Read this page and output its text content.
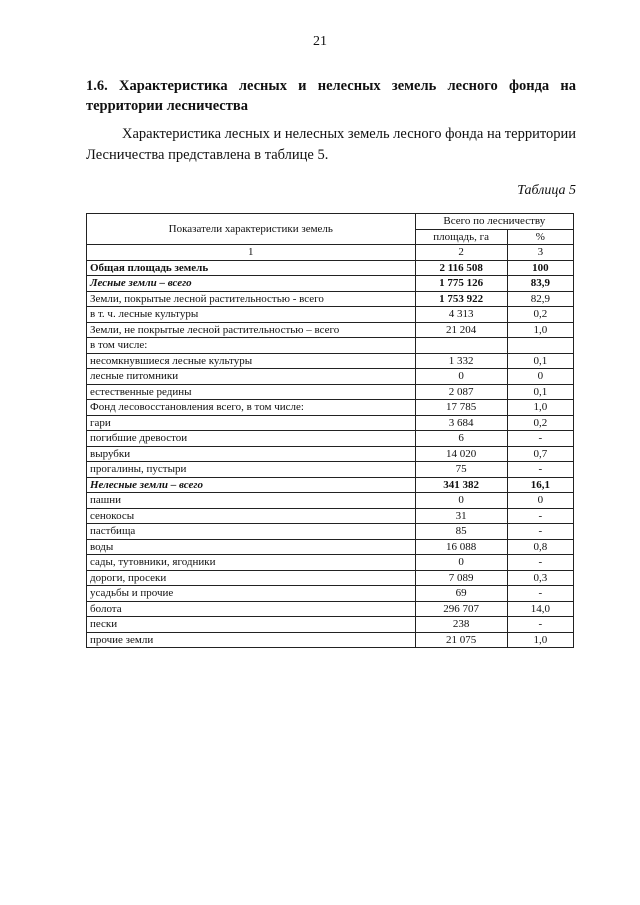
21
1.6. Характеристика лесных и нелесных земель лесного фонда на территории лесничества
Характеристика лесных и нелесных земель лесного фонда на территории Лесничества представлена в таблице 5.
Таблица 5
Показатели характеристики земель	Всего по лесничеству	
	площадь, га	%
1	2	3
Общая площадь земель	2 116 508	100
Лесные земли – всего	1 775 126	83,9
Земли, покрытые лесной растительностью - всего	1 753 922	82,9
в т. ч. лесные культуры	4 313	0,2
Земли, не покрытые лесной растительностью – всего	21 204	1,0
в том числе:		
несомкнувшиеся лесные культуры	1 332	0,1
лесные питомники	0	0
естественные редины	2 087	0,1
Фонд лесовосстановления всего, в том числе:	17 785	1,0
гари	3 684	0,2
погибшие древостои	6	-
вырубки	14 020	0,7
прогалины, пустыри	75	-
Нелесные земли – всего	341 382	16,1
пашни	0	0
сенокосы	31	-
пастбища	85	-
воды	16 088	0,8
сады, тутовники, ягодники	0	-
дороги, просеки	7 089	0,3
усадьбы и прочие	69	-
болота	296 707	14,0
пески	238	-
прочие земли	21 075	1,0
